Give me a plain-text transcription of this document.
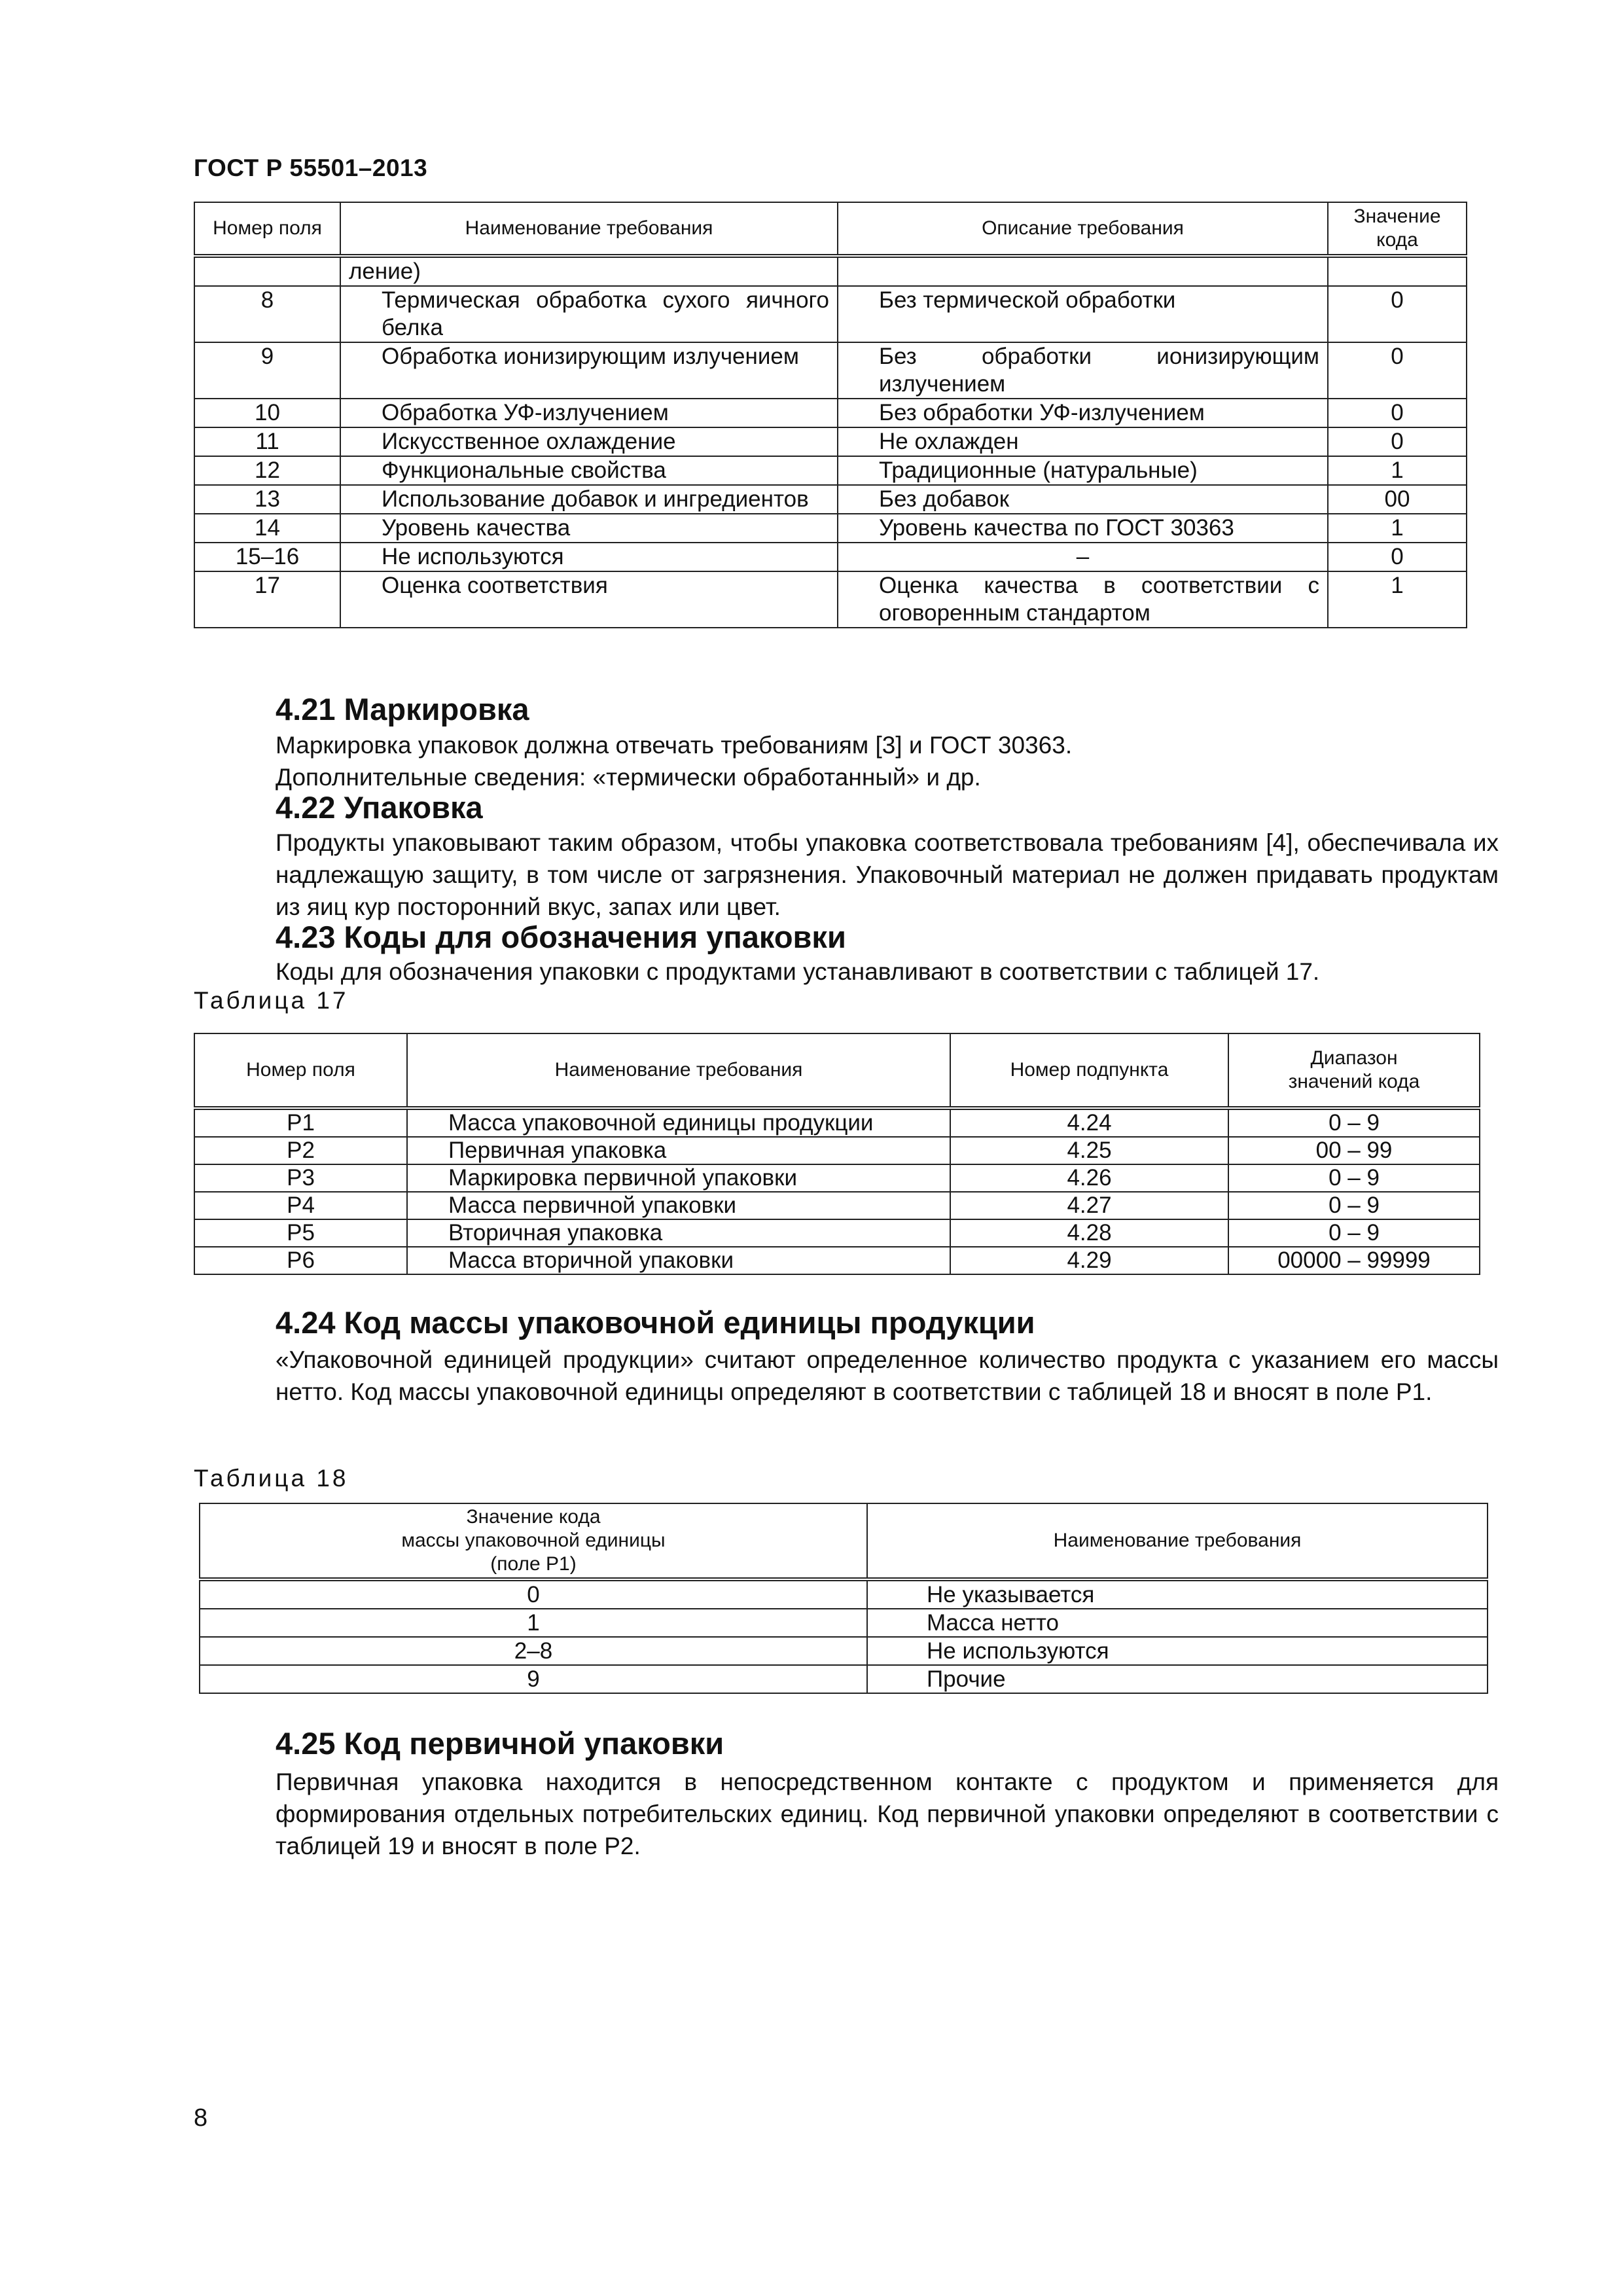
ГОСТ Р 55501–2013
Номер поля	Наименование требования	Описание требования	Значение кода
	ление)		
8	Термическая обработка сухого яичного белка	Без термической обработки	0
9	Обработка ионизирующим излучением	Без обработки ионизирующим излучением	0
10	Обработка УФ-излучением	Без обработки УФ-излучением	0
11	Искусственное охлаждение	Не охлажден	0
12	Функциональные свойства	Традиционные (натуральные)	1
13	Использование добавок и ингредиентов	Без добавок	00
14	Уровень качества	Уровень качества по ГОСТ 30363	1
15–16	Не используются	–	0
17	Оценка соответствия	Оценка качества в соответствии с оговоренным стандартом	1
4.21 Маркировка
Маркировка упаковок должна отвечать требованиям [3] и ГОСТ 30363.
Дополнительные сведения: «термически обработанный» и др.
4.22 Упаковка
Продукты упаковывают таким образом, чтобы упаковка соответствовала требованиям [4], обеспечивала их надлежащую защиту, в том числе от загрязнения. Упаковочный материал не должен придавать продуктам из яиц кур посторонний вкус, запах или цвет.
4.23 Коды для обозначения упаковки
Коды для обозначения упаковки с продуктами устанавливают в соответствии с таблицей 17.
Таблица 17
Номер поля	Наименование требования	Номер подпункта	Диапазон значений кода
P1	Масса упаковочной единицы продукции	4.24	0 – 9
P2	Первичная упаковка	4.25	00 – 99
P3	Маркировка первичной упаковки	4.26	0 – 9
P4	Масса первичной упаковки	4.27	0 – 9
P5	Вторичная упаковка	4.28	0 – 9
P6	Масса вторичной упаковки	4.29	00000 – 99999
4.24 Код массы упаковочной единицы продукции
«Упаковочной единицей продукции» считают определенное количество продукта с указанием его массы нетто. Код массы упаковочной единицы определяют в соответствии с таблицей 18 и вносят в поле Р1.
Таблица 18
Значение кода
массы упаковочной единицы
(поле Р1)	Наименование требования
0	Не указывается
1	Масса нетто
2–8	Не используются
9	Прочие
4.25 Код первичной упаковки
Первичная упаковка находится в непосредственном контакте с продуктом и применяется для формирования отдельных потребительских единиц. Код первичной упаковки определяют в соответствии с таблицей 19 и вносят в поле Р2.
8
